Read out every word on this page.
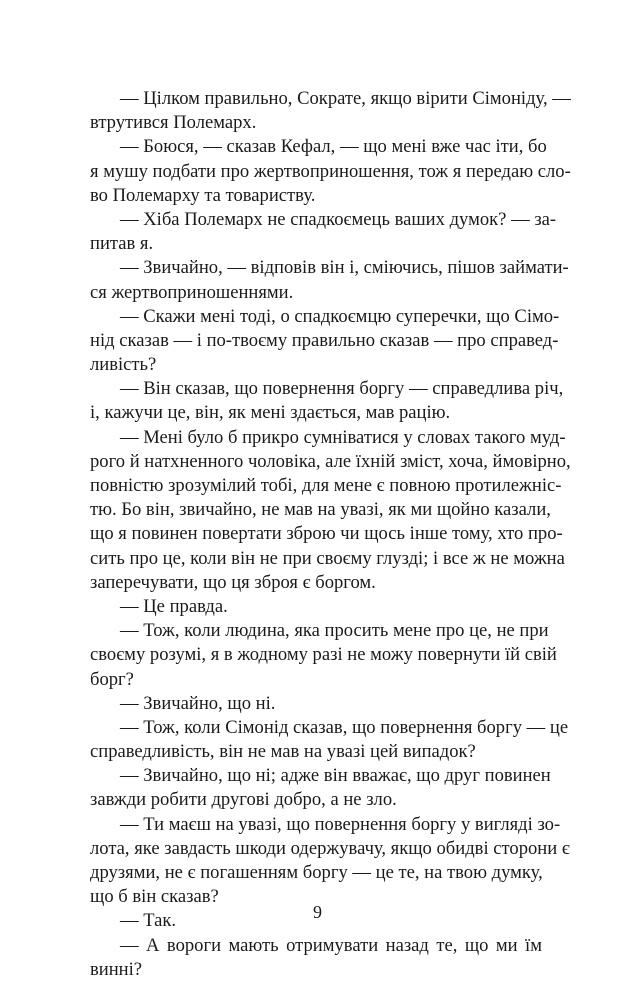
— Цілком правильно, Сократе, якщо вірити Сімоніду, —
втрутився Полемарх.
— Боюся, — сказав Кефал, — що мені вже час іти, бо
я мушу подбати про жертвоприношення, тож я передаю сло-
во Полемарху та товариству.
— Хіба Полемарх не спадкоємець ваших думок? — за-
питав я.
— Звичайно, — відповів він і, сміючись, пішов займати-
ся жертвоприношеннями.
— Скажи мені тоді, о спадкоємцю суперечки, що Сімо-
нід сказав — і по-твоєму правильно сказав — про справед-
ливість?
— Він сказав, що повернення боргу — справедлива річ,
і, кажучи це, він, як мені здається, мав рацію.
— Мені було б прикро сумніватися у словах такого муд-
рого й натхненного чоловіка, але їхній зміст, хоча, ймовірно,
повністю зрозумілий тобі, для мене є повною протилежніс-
тю. Бо він, звичайно, не мав на увазі, як ми щойно казали,
що я повинен повертати зброю чи щось інше тому, хто про-
сить про це, коли він не при своєму глузді; і все ж не можна
заперечувати, що ця зброя є боргом.
— Це правда.
— Тож, коли людина, яка просить мене про це, не при
своєму розумі, я в жодному разі не можу повернути їй свій
борг?
— Звичайно, що ні.
— Тож, коли Сімонід сказав, що повернення боргу — це
справедливість, він не мав на увазі цей випадок?
— Звичайно, що ні; адже він вважає, що друг повинен
завжди робити другові добро, а не зло.
— Ти маєш на увазі, що повернення боргу у вигляді зо-
лота, яке завдасть шкоди одержувачу, якщо обидві сторони є
друзями, не є погашенням боргу — це те, на твою думку,
що б він сказав?
— Так.
— А вороги мають отримувати назад те, що ми їм
винні?
9
